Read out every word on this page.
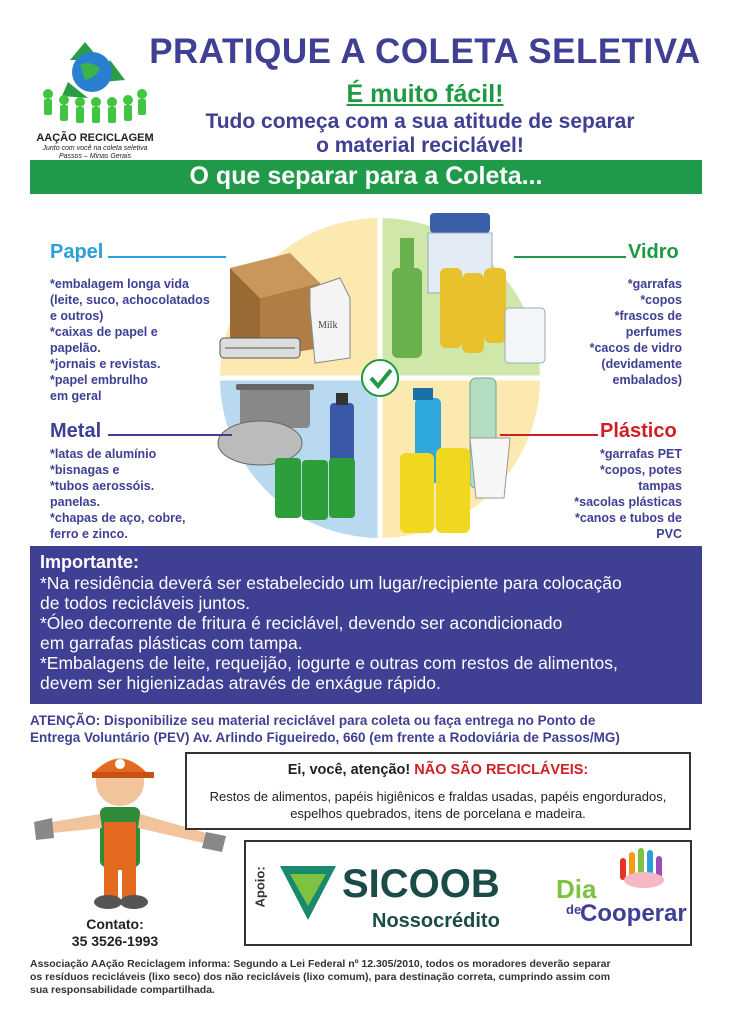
AAÇÃO RECICLAGEM
Junto com você na coleta seletiva
Passos – Minas Gerais
PRATIQUE A COLETA SELETIVA
É muito fácil!
Tudo começa com a sua atitude de separar
o material reciclável!
O que separar para a Coleta...
Milk
Papel
*embalagem longa vida
(leite, suco, achocolatados
e outros)
*caixas de papel e
papelão.
*jornais e revistas.
*papel embrulho
em geral
Vidro
*garrafas
*copos
*frascos de
perfumes
*cacos de vidro
(devidamente
embalados)
Metal
*latas de alumínio
*bisnagas e
*tubos aerossóis.
panelas.
*chapas de aço, cobre,
ferro e zinco.
Plástico
*garrafas PET
*copos, potes
tampas
*sacolas plásticas
*canos e tubos de
PVC
Importante:
*Na residência deverá ser estabelecido um lugar/recipiente para colocação
de todos recicláveis juntos.
*Óleo decorrente de fritura é reciclável, devendo ser acondicionado
em garrafas plásticas com tampa.
*Embalagens de leite, requeijão, iogurte e outras com restos de alimentos,
devem ser higienizadas através de enxágue rápido.
ATENÇÃO: Disponibilize seu material reciclável para coleta ou faça entrega no Ponto de
Entrega Voluntário (PEV) Av. Arlindo Figueiredo, 660 (em frente a Rodoviária de Passos/MG)
Ei, você, atenção! NÃO SÃO RECICLÁVEIS:
Restos de alimentos, papéis higiênicos e fraldas usadas, papéis engordurados,
espelhos quebrados, itens de porcelana e madeira.
Apoio: SICOOB
Nossocrédito
Dia
de
Cooperar
Contato:
35 3526-1993
Associação AAção Reciclagem informa: Segundo a Lei Federal nº 12.305/2010, todos os moradores deverão separar
os resíduos recicláveis (lixo seco) dos não recicláveis (lixo comum), para destinação correta, cumprindo assim com
sua responsabilidade compartilhada.
